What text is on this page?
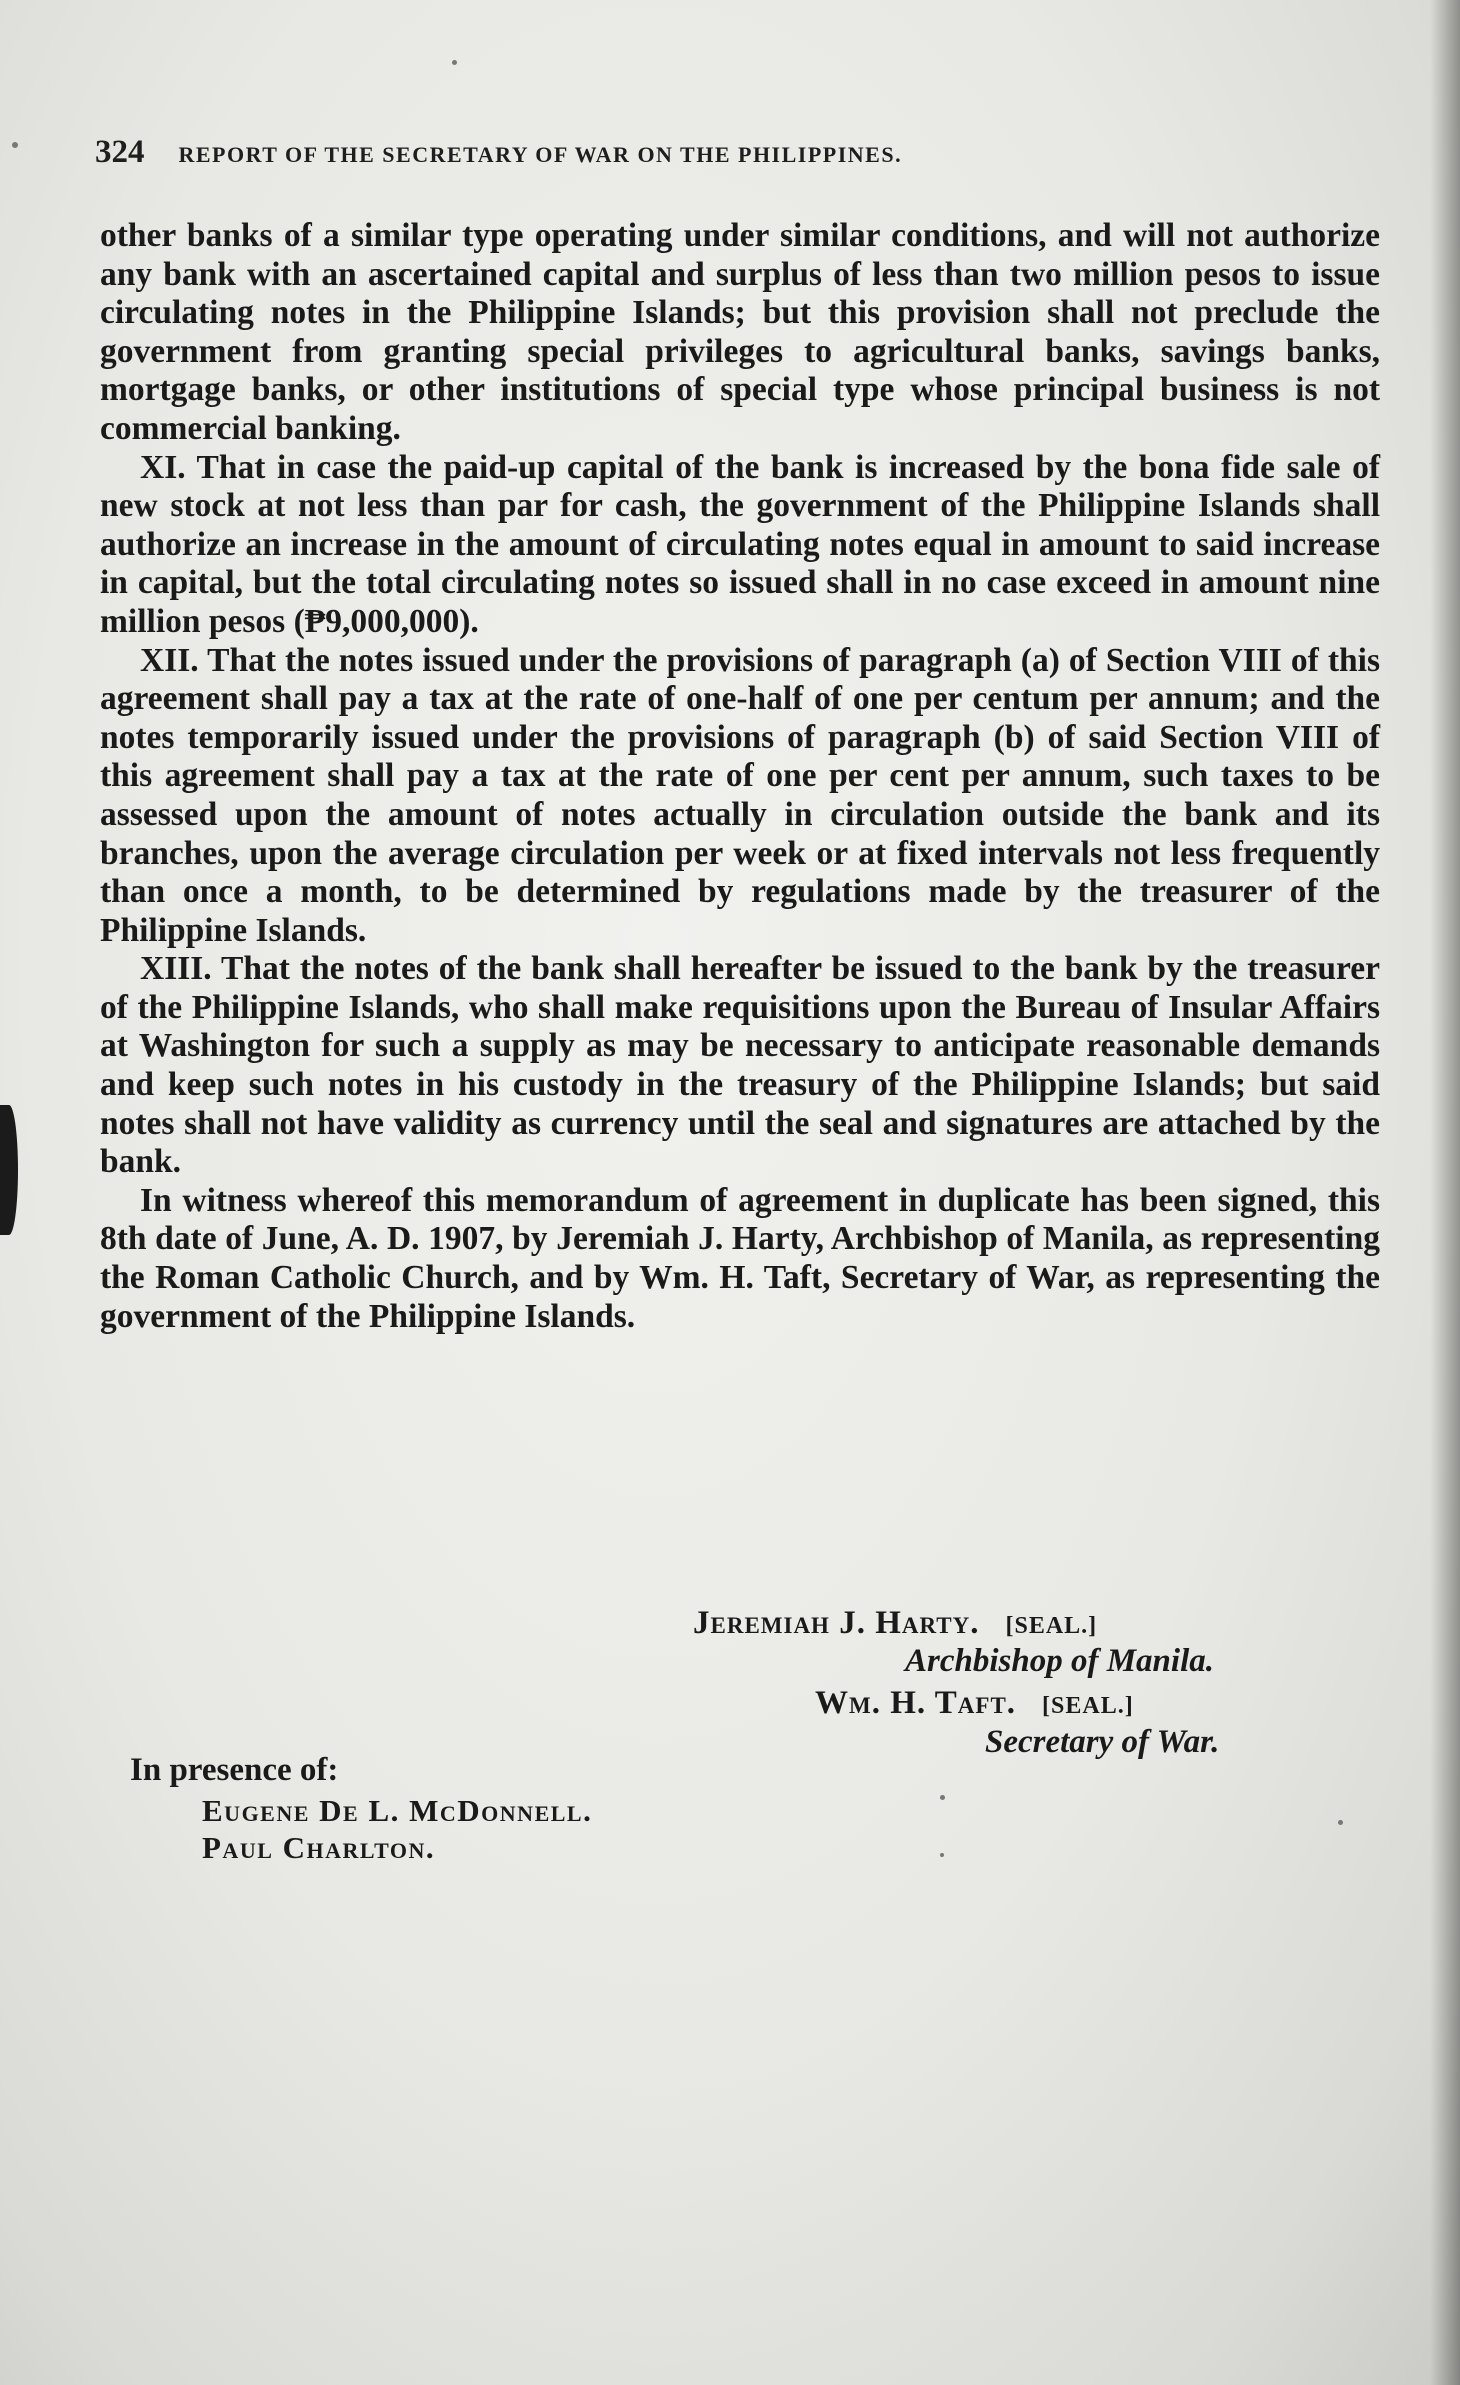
324 REPORT OF THE SECRETARY OF WAR ON THE PHILIPPINES.

other banks of a similar type operating under similar conditions, and will not authorize any bank with an ascertained capital and surplus of less than two million pesos to issue circulating notes in the Philippine Islands; but this provision shall not preclude the government from granting special privileges to agricultural banks, savings banks, mortgage banks, or other institutions of special type whose principal business is not commercial banking.

XI. That in case the paid-up capital of the bank is increased by the bona fide sale of new stock at not less than par for cash, the government of the Philippine Islands shall authorize an increase in the amount of circulating notes equal in amount to said increase in capital, but the total circulating notes so issued shall in no case exceed in amount nine million pesos (₱9,000,000).

XII. That the notes issued under the provisions of paragraph (a) of Section VIII of this agreement shall pay a tax at the rate of one-half of one per centum per annum; and the notes temporarily issued under the provisions of paragraph (b) of said Section VIII of this agreement shall pay a tax at the rate of one per cent per annum, such taxes to be assessed upon the amount of notes actually in circulation outside the bank and its branches, upon the average circulation per week or at fixed intervals not less frequently than once a month, to be determined by regulations made by the treasurer of the Philippine Islands.

XIII. That the notes of the bank shall hereafter be issued to the bank by the treasurer of the Philippine Islands, who shall make requisitions upon the Bureau of Insular Affairs at Washington for such a supply as may be necessary to anticipate reasonable demands and keep such notes in his custody in the treasury of the Philippine Islands; but said notes shall not have validity as currency until the seal and signatures are attached by the bank.

In witness whereof this memorandum of agreement in duplicate has been signed, this 8th date of June, A. D. 1907, by Jeremiah J. Harty, Archbishop of Manila, as representing the Roman Catholic Church, and by Wm. H. Taft, Secretary of War, as representing the government of the Philippine Islands.

Jeremiah J. Harty. [SEAL.]
Archbishop of Manila.
Wm. H. Taft. [SEAL.]
Secretary of War.
In presence of:
Eugene De L. McDonnell.
Paul Charlton.
